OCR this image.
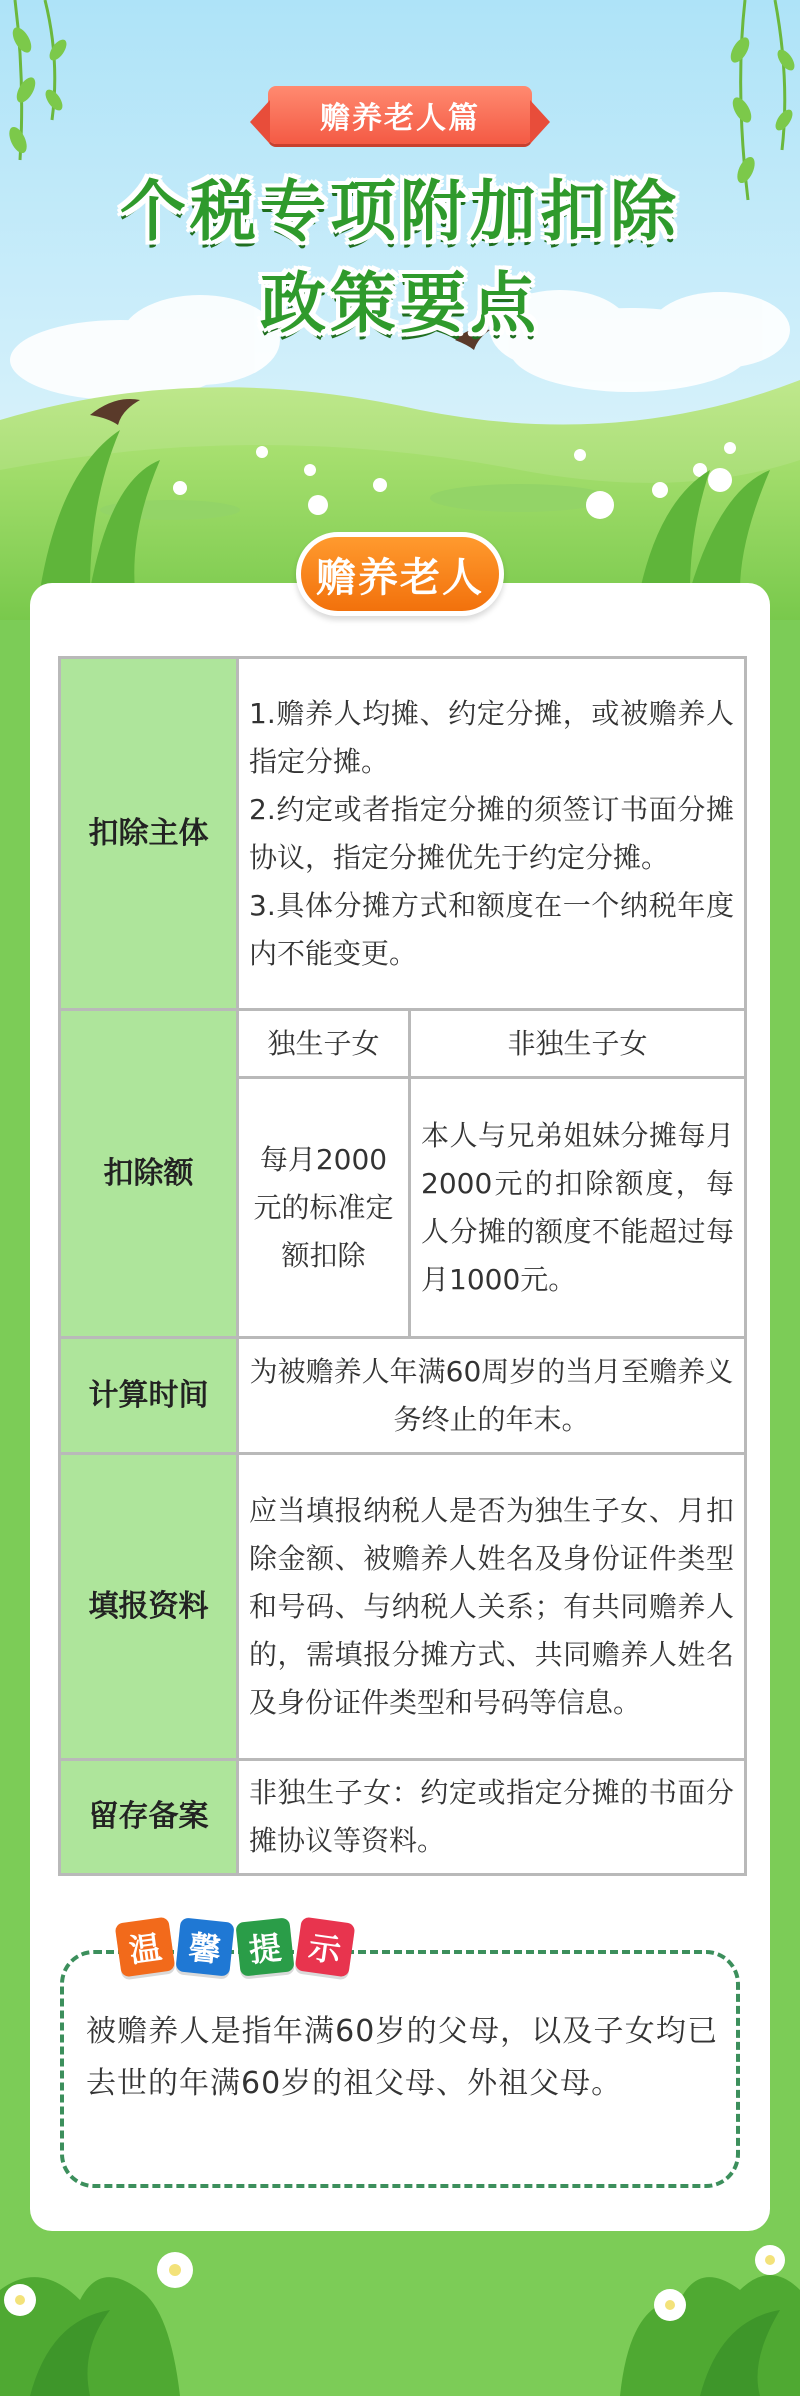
赡养老人篇
个税专项附加扣除
政策要点
赡养老人
扣除主体	1.赡养人均摊、约定分摊，或被赡养人指定分摊。
2.约定或者指定分摊的须签订书面分摊协议，指定分摊优先于约定分摊。
3.具体分摊方式和额度在一个纳税年度内不能变更。	

扣除额	独生子女	非独生子女
	每月2000元的标准定额扣除	本人与兄弟姐妹分摊每月2000元的扣除额度，每人分摊的额度不能超过每月1000元。
计算时间	为被赡养人年满60周岁的当月至赡养义务终止的年末。	
填报资料	应当填报纳税人是否为独生子女、月扣除金额、被赡养人姓名及身份证件类型和号码、与纳税人关系；有共同赡养人的，需填报分摊方式、共同赡养人姓名及身份证件类型和号码等信息。	
留存备案	非独生子女：约定或指定分摊的书面分摊协议等资料。	
温 馨 提 示
被赡养人是指年满60岁的父母，以及子女均已去世的年满60岁的祖父母、外祖父母。
